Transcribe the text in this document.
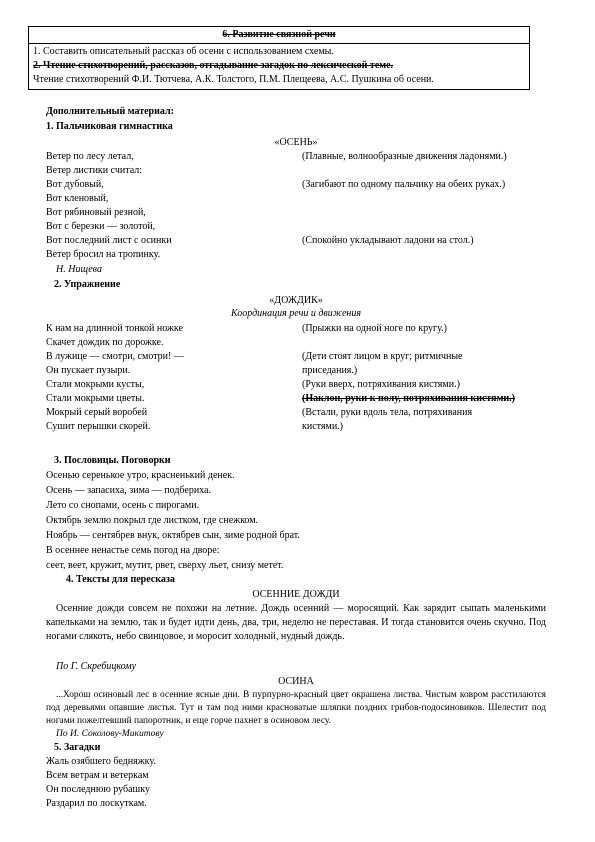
6. Развитие связной речи
1. Составить описательный рассказ об осени с использованием схемы.
2. Чтение стихотворений, рассказов, отгадывание загадок по лексической теме.
Чтение стихотворений Ф.И. Тютчева, А.К. Толстого, П.М. Плещеева, А.С. Пушкина об осени.
Дополнительный материал:
1. Пальчиковая гимнастика
«ОСЕНЬ»
Ветер по лесу летал,
Ветер листики считал:
Вот дубовый,
Вот кленовый,
Вот рябиновый резной,
Вот с березки — золотой,
Вот последний лист с осинки
Ветер бросил на тропинку.
(Плавные, волнообразные движения ладонями.)
(Загибают по одному пальчику на обеих руках.)
(Спокойно укладывают ладони на стол.)
Н. Нищева
2. Упражнение
«ДОЖДИК»
Координация речи и движения
К нам на длинной тонкой ножке
Скачет дождик по дорожке.
В лужице — смотри, смотри! —
Он пускает пузыри.
Стали мокрыми кусты,
Стали мокрыми цветы.
Мокрый серый воробей
Сушит перышки скорей.
(Прыжки на одной ноге по кругу.)
(Дети стоят лицом в круг; ритмичные
приседания.)
(Руки вверх, потряхивания кистями.)
(Наклон, руки к полу, потряхивания кистями.)
(Встали, руки вдоль тела, потряхивания
кистями.)
3. Пословицы. Поговорки
Осенью серенькое утро, красненький денек.
Осень — запасиха, зима — подбериха.
Лето со снопами, осень с пирогами.
Октябрь землю покрыл где листком, где снежком.
Ноябрь — сентябрев внук, октябрев сын, зиме родной брат.
В осеннее ненастье семь погод на дворе:
сеет, веет, кружит, мутит, рвет, сверху льет, снизу метет.
4. Тексты для пересказа
ОСЕННИЕ ДОЖДИ
Осенние дожди совсем не похожи на летние. Дождь осенний — моросящий. Как зарядит сыпать маленькими капельками на землю, так и будет идти день, два, три, неделю не переставая. И тогда становится очень скучно. Под ногами слякоть, небо свинцовое, и моросит холодный, нудный дождь.
По Г. Скребицкому
ОСИНА
...Хорош осиновый лес в осенние ясные дни. В пурпурно-красный цвет окрашена листва. Чистым ковром расстилаются под деревьями опавшие листья. Тут и там под ними красноватые шляпки поздних грибов-подосиновиков. Шелестит под ногами пожелтевший папоротник, и еще горче пахнет в осиновом лесу.
По И. Соколову-Микитову
5. Загадки
Жаль озябшего бедняжку.
Всем ветрам и ветеркам
Он последнюю рубашку
Раздарил по лоскуткам.
